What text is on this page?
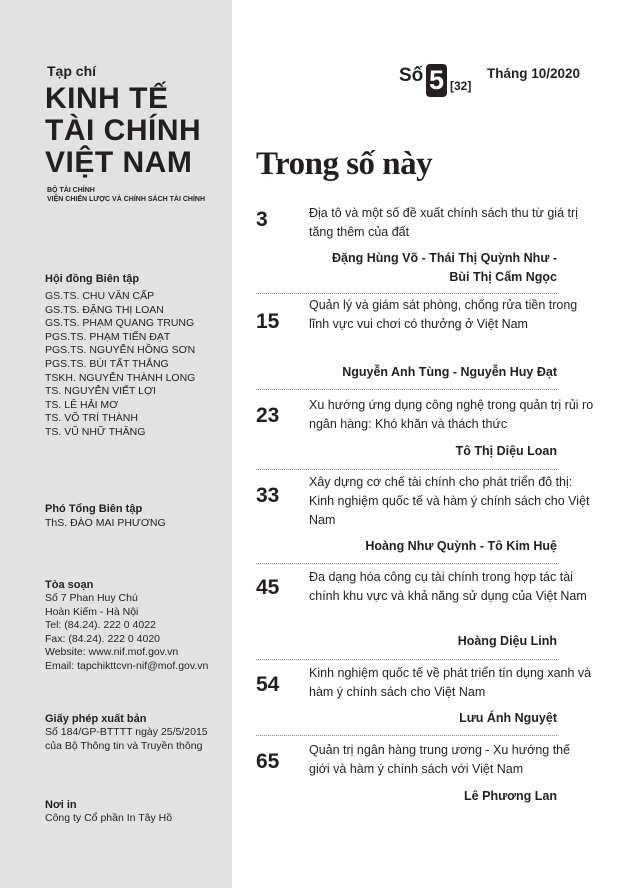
Tạp chí
KINH TẾ
TÀI CHÍNH
VIỆT NAM
BỘ TÀI CHÍNH
VIỆN CHIẾN LƯỢC VÀ CHÍNH SÁCH TÀI CHÍNH
Hội đồng Biên tập
GS.TS. CHU VĂN CẤP
GS.TS. ĐẶNG THỊ LOAN
GS.TS. PHẠM QUANG TRUNG
PGS.TS. PHẠM TIẾN ĐẠT
PGS.TS. NGUYỄN HỒNG SƠN
PGS.TS. BÙI TẤT THẮNG
TSKH. NGUYỄN THÀNH LONG
TS. NGUYỄN VIẾT LỢI
TS. LÊ HẢI MƠ
TS. VÕ TRÍ THÀNH
TS. VŨ NHỮ THĂNG
Phó Tổng Biên tập
ThS. ĐÀO MAI PHƯƠNG
Tòa soạn
Số 7 Phan Huy Chú
Hoàn Kiếm - Hà Nội
Tel: (84.24). 222 0 4022
Fax: (84.24). 222 0 4020
Website: www.nif.mof.gov.vn
Email: tapchikttcvn-nif@mof.gov.vn
Giấy phép xuất bản
Số 184/GP-BTTTT ngày 25/5/2015
của Bộ Thông tin và Truyền thông
Nơi in
Công ty Cổ phần In Tây Hồ
Số 5 [32]
Tháng 10/2020
Trong số này
3	Địa tô và một số đề xuất chính sách thu từ giá trị tăng thêm của đất
Đặng Hùng Võ - Thái Thị Quỳnh Như -
Bùi Thị Cẩm Ngọc
15
Quản lý và giám sát phòng, chống rửa tiền trong lĩnh vực vui chơi có thưởng ở Việt Nam
Nguyễn Anh Tùng - Nguyễn Huy Đạt
23 Xu hướng ứng dụng công nghệ trong quản trị rủi ro ngân hàng: Khó khăn và thách thức
Tô Thị Diệu Loan
33
Xây dựng cơ chế tài chính cho phát triển đô thị: Kinh nghiệm quốc tế và hàm ý chính sách cho Việt Nam
Hoàng Như Quỳnh - Tô Kim Huệ
45 Đa dạng hóa công cụ tài chính trong hợp tác tài chính khu vực và khả năng sử dụng của Việt Nam
Hoàng Diệu Linh
54 Kinh nghiệm quốc tế về phát triển tín dụng xanh và hàm ý chính sách cho Việt Nam
Lưu Ánh Nguyệt
65 Quản trị ngân hàng trung ương - Xu hướng thế giới và hàm ý chính sách với Việt Nam
Lê Phương Lan
